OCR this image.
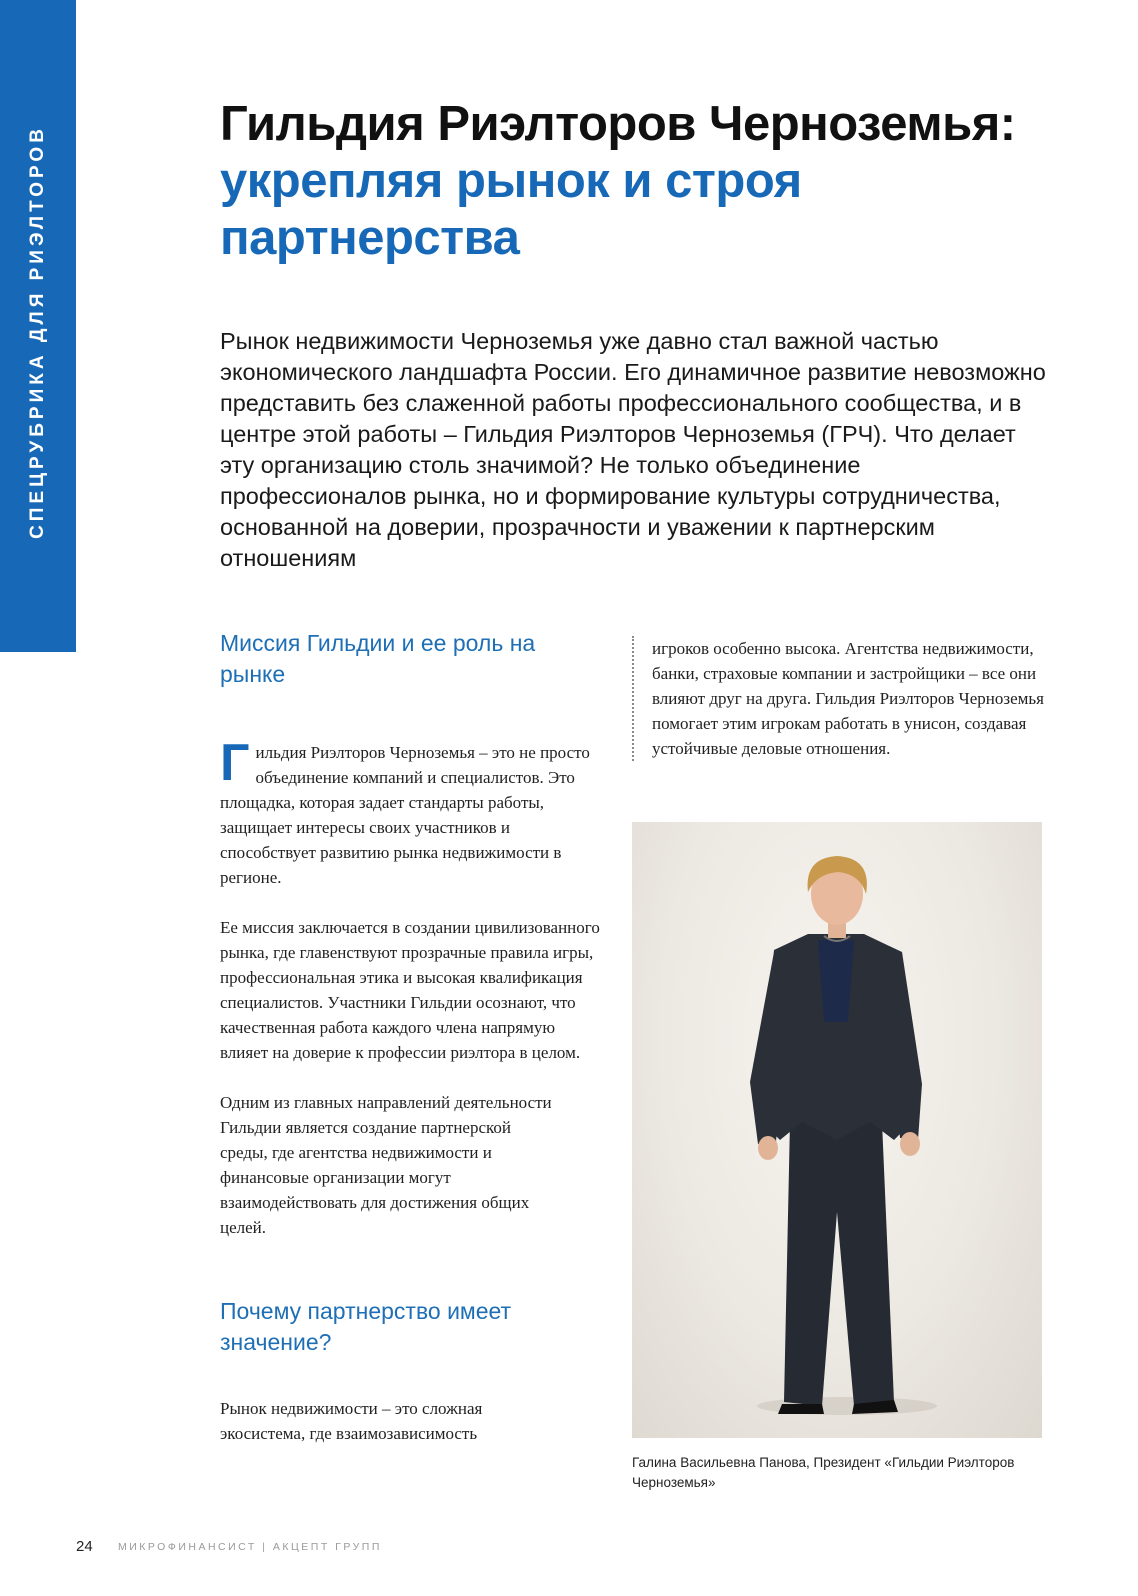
СПЕЦРУБРИКА ДЛЯ РИЭЛТОРОВ
Гильдия Риэлторов Черноземья:
укрепляя рынок и строя партнерства

Рынок недвижимости Черноземья уже давно стал важной частью экономического ландшафта России. Его динамичное развитие невозможно представить без слаженной работы профессионального сообщества, и в центре этой работы – Гильдия Риэлторов Черноземья (ГРЧ). Что делает эту организацию столь значимой? Не только объединение профессионалов рынка, но и формирование культуры сотрудничества, основанной на доверии, прозрачности и уважении к партнерским отношениям

Миссия Гильдии и ее роль на рынке
Г ильдия Риэлторов Черноземья – это не просто объединение компаний и специалистов. Это площадка, которая задает стандарты работы, защищает интересы своих участников и способствует развитию рынка недвижимости в регионе.

Ее миссия заключается в создании цивилизованного рынка, где главенствуют прозрачные правила игры, профессиональная этика и высокая квалификация специалистов. Участники Гильдии осознают, что качественная работа каждого члена напрямую влияет на доверие к профессии риэлтора в целом.

Одним из главных направлений деятельности Гильдии является создание партнерской среды, где агентства недвижимости и финансовые организации могут взаимодействовать для достижения общих целей.

Почему партнерство имеет значение?

Рынок недвижимости – это сложная экосистема, где взаимозависимость

игроков особенно высока. Агентства недвижимости, банки, страховые компании и застройщики – все они влияют друг на друга. Гильдия Риэлторов Черноземья помогает этим игрокам работать в унисон, создавая устойчивые деловые отношения.

Галина Васильевна Панова, Президент «Гильдии Риэлторов Черноземья»

24 МИКРОФИНАНСИСТ | АКЦЕПТ ГРУПП
